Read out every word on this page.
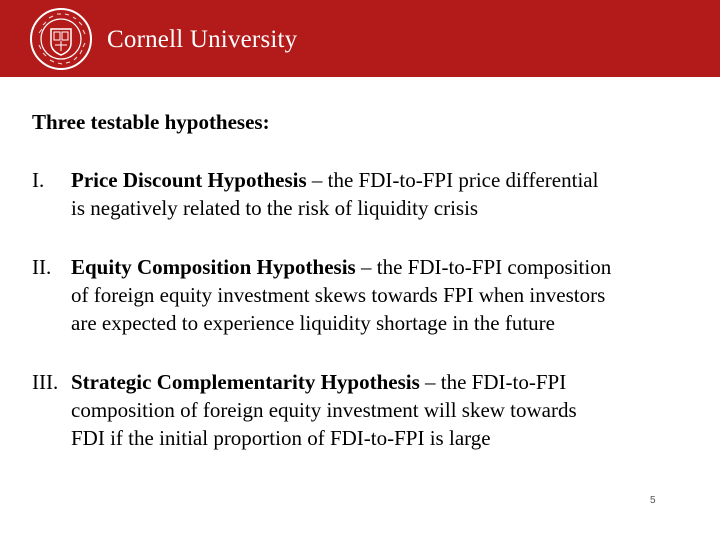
Cornell University
Three testable hypotheses:
I. Price Discount Hypothesis – the FDI-to-FPI price differential
is negatively related to the risk of liquidity crisis
II. Equity Composition Hypothesis – the FDI-to-FPI composition
of foreign equity investment skews towards FPI when investors
are expected to experience liquidity shortage in the future
III. Strategic Complementarity Hypothesis – the FDI-to-FPI
composition of foreign equity investment will skew towards
FDI if the initial proportion of FDI-to-FPI is large
5
